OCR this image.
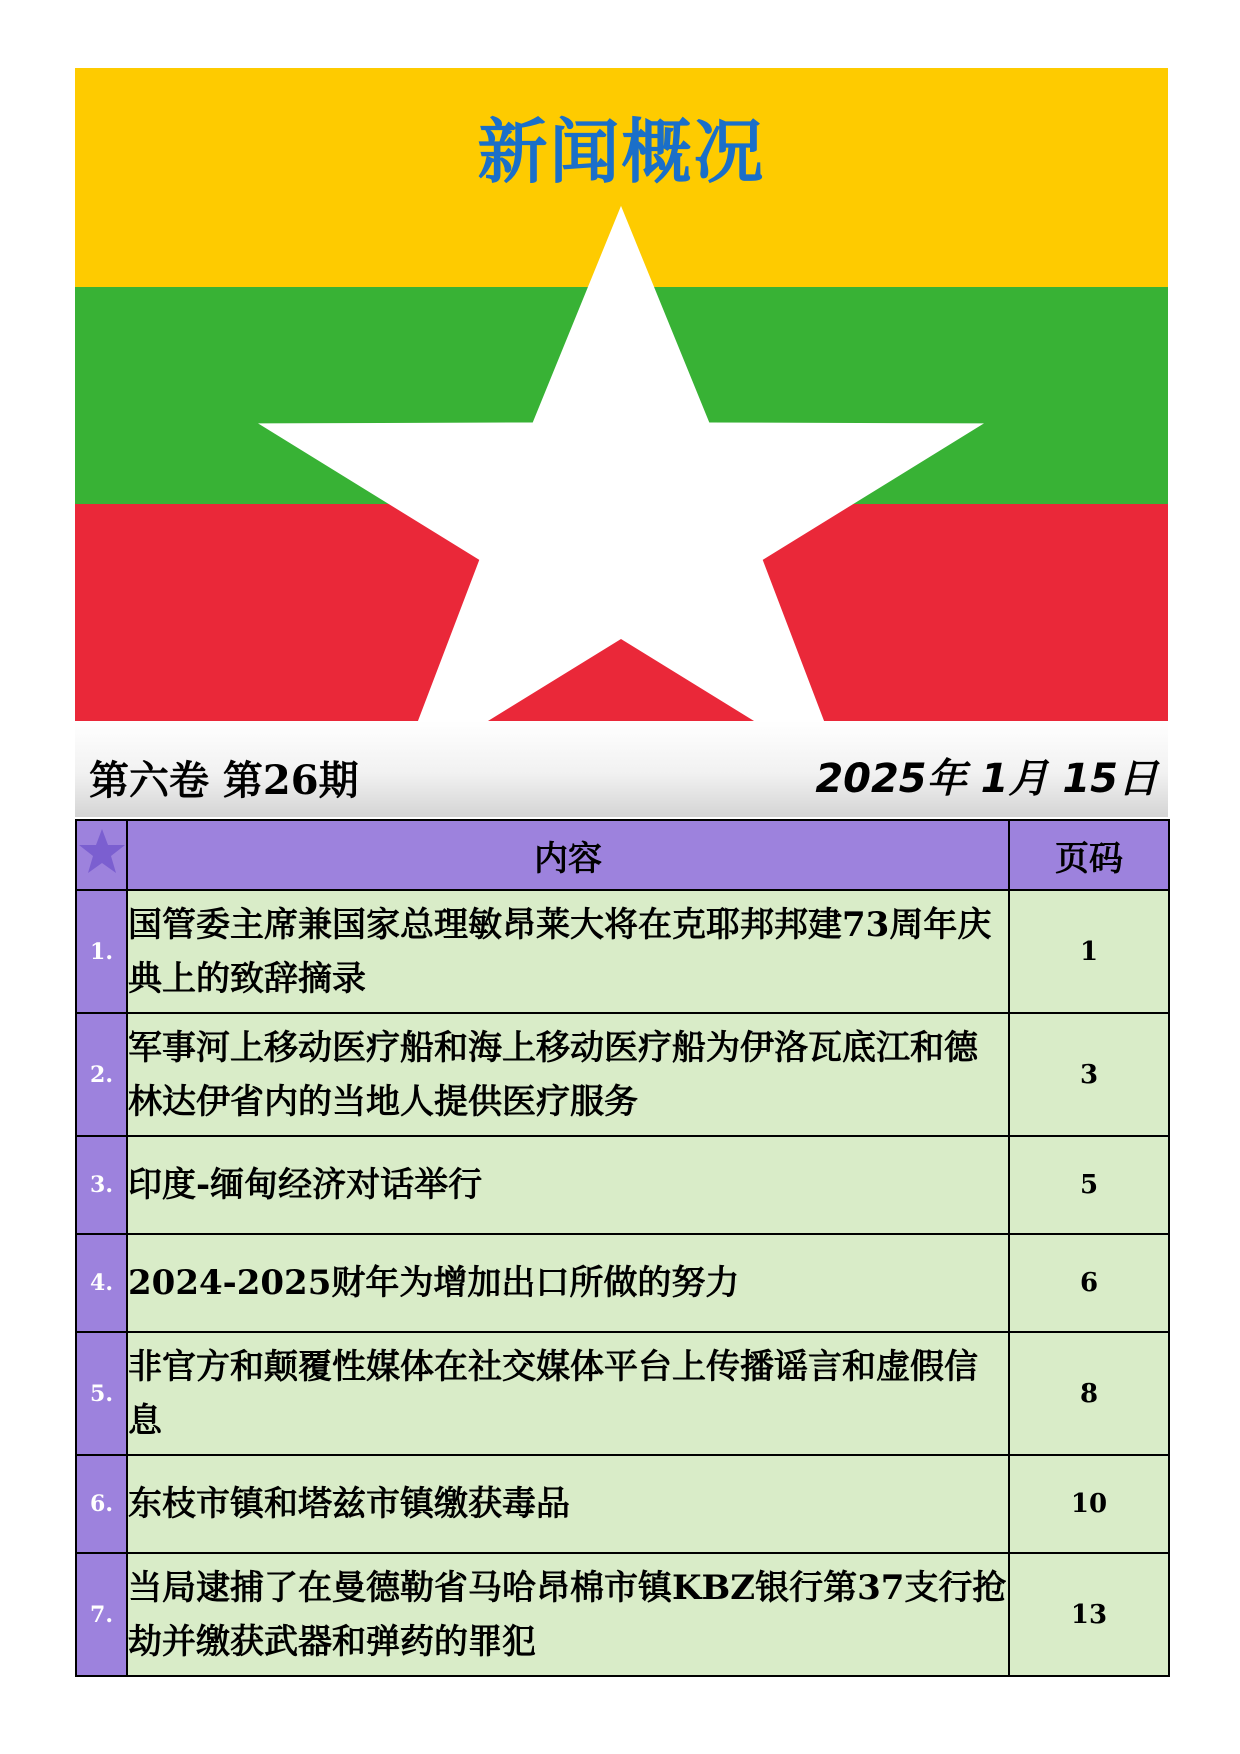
新闻概况
第六卷 第26期	2025年 1月 15日
	内容	页码
1.	国管委主席兼国家总理敏昂莱大将在克耶邦邦建73周年庆典上的致辞摘录	1
2.	军事河上移动医疗船和海上移动医疗船为伊洛瓦底江和德林达伊省内的当地人提供医疗服务	3
3.	印度-缅甸经济对话举行	5
4.	2024-2025财年为增加出口所做的努力	6
5.	非官方和颠覆性媒体在社交媒体平台上传播谣言和虚假信息	8
6.	东枝市镇和塔兹市镇缴获毒品	10
7.	当局逮捕了在曼德勒省马哈昂棉市镇KBZ银行第37支行抢劫并缴获武器和弹药的罪犯	13
